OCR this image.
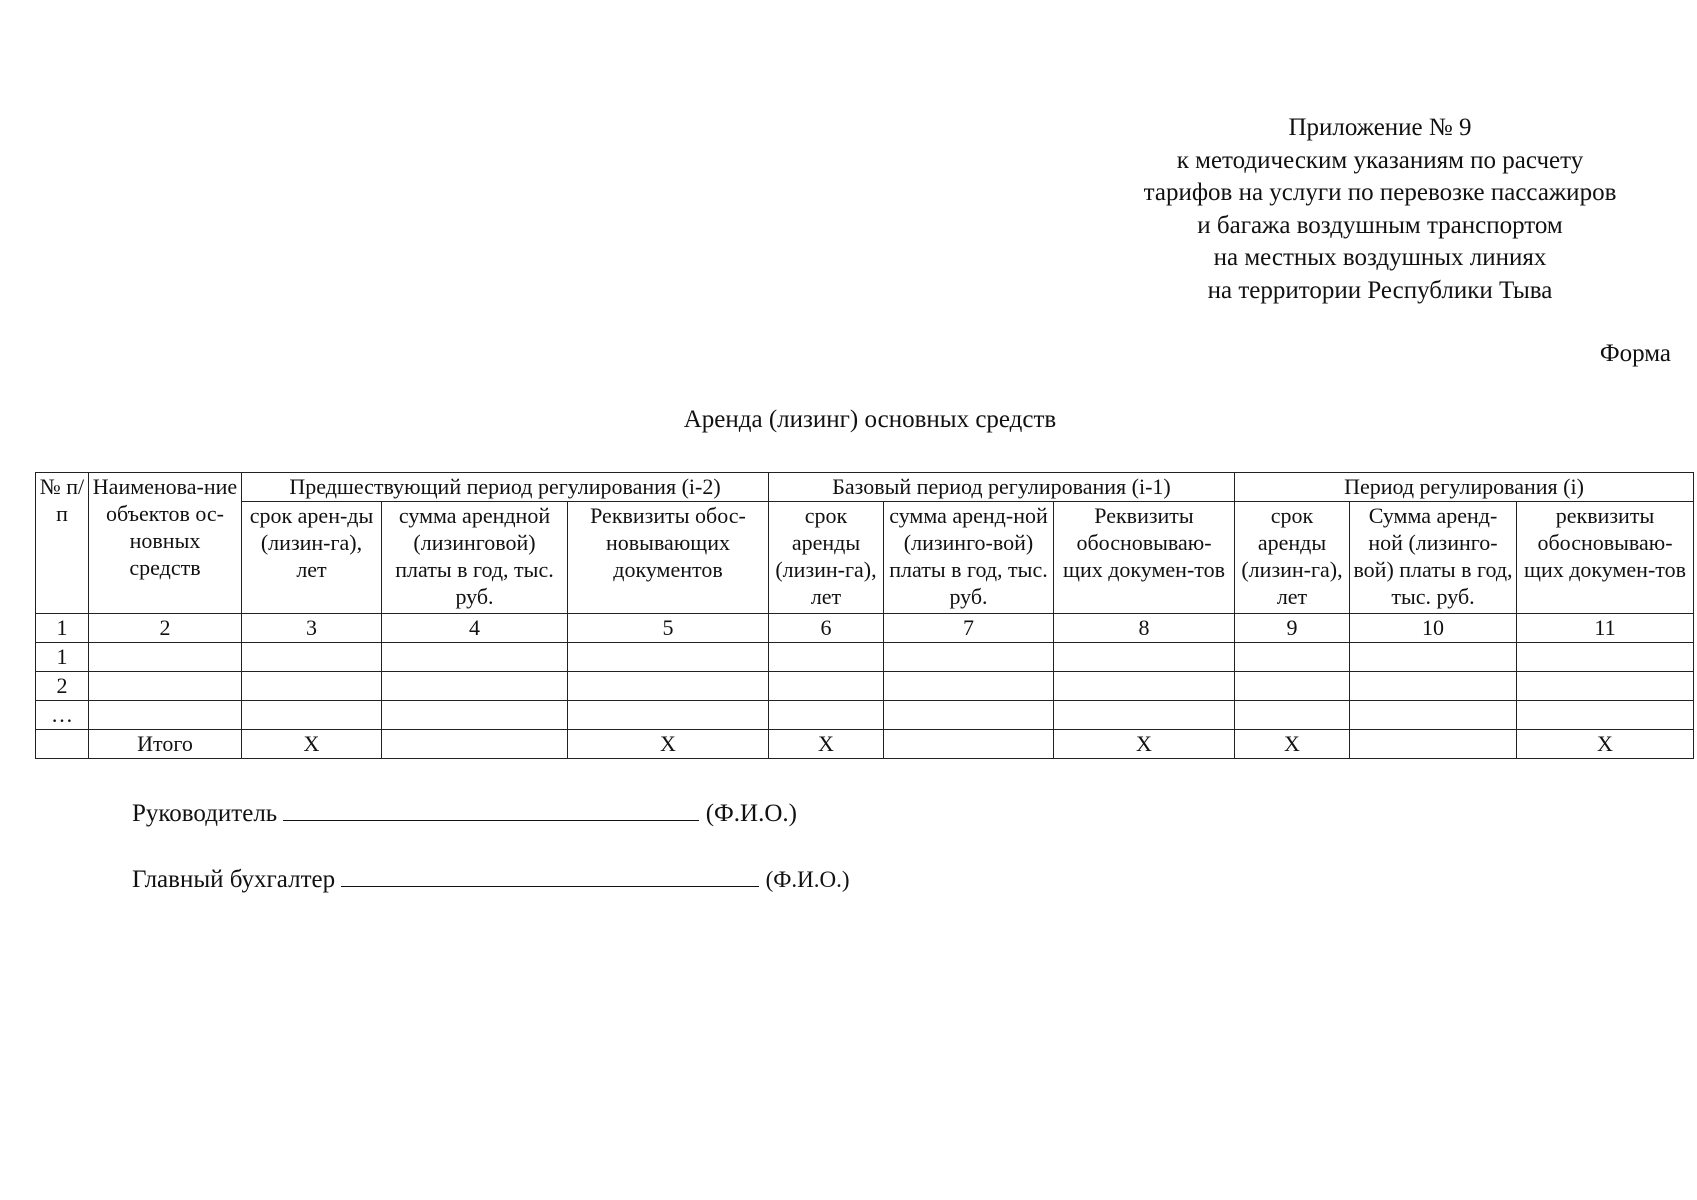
Приложение № 9
к методическим указаниям по расчету
тарифов на услуги по перевозке пассажиров
и багажа воздушным транспортом
на местных воздушных линиях
на территории Республики Тыва
Форма
Аренда (лизинг) основных средств
№ п/п	Наименова-ние объектов ос-новных средств	Предшествующий период регулирования (i-2)			Базовый период регулирования (i-1)			Период регулирования (i)		
		срок арен-ды (лизин-га), лет	сумма арендной (лизинговой) платы в год, тыс. руб.	Реквизиты обос-новывающих документов	срок аренды (лизин-га), лет	сумма аренд-ной (лизинго-вой) платы в год, тыс. руб.	Реквизиты обосновываю-щих докумен-тов	срок аренды (лизин-га), лет	Сумма аренд-ной (лизинго-вой) платы в год, тыс. руб.	реквизиты обосновываю-щих докумен-тов
1	2	3	4	5	6	7	8	9	10	11
1										
2										
…										
	Итого	Х		Х	Х		Х	Х		Х
Руководитель	(Ф.И.О.)
Главный бухгалтер	(Ф.И.О.)
